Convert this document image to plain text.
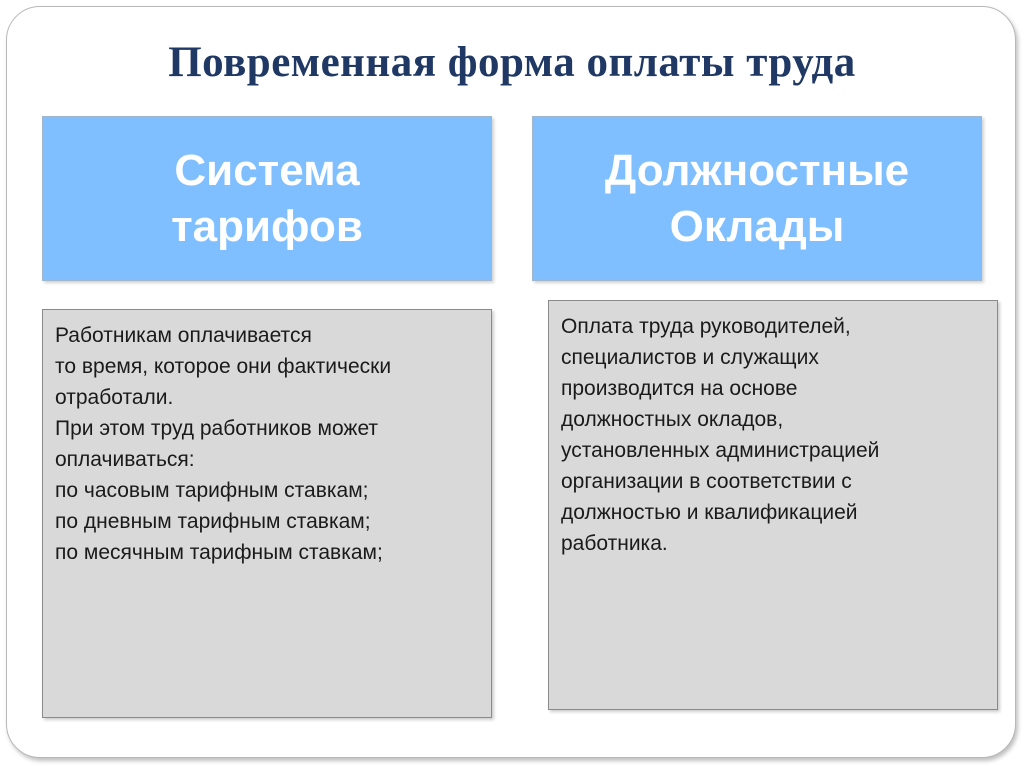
Повременная форма оплаты труда
Система
тарифов
Должностные
Оклады
Работникам оплачивается
то время, которое они фактически
отработали.
При этом труд работников может
оплачиваться:
по часовым тарифным ставкам;
по дневным тарифным ставкам;
по месячным тарифным ставкам;
Оплата труда руководителей,
специалистов и служащих
производится на основе
должностных окладов,
установленных администрацией
организации в соответствии с
должностью и квалификацией
работника.
